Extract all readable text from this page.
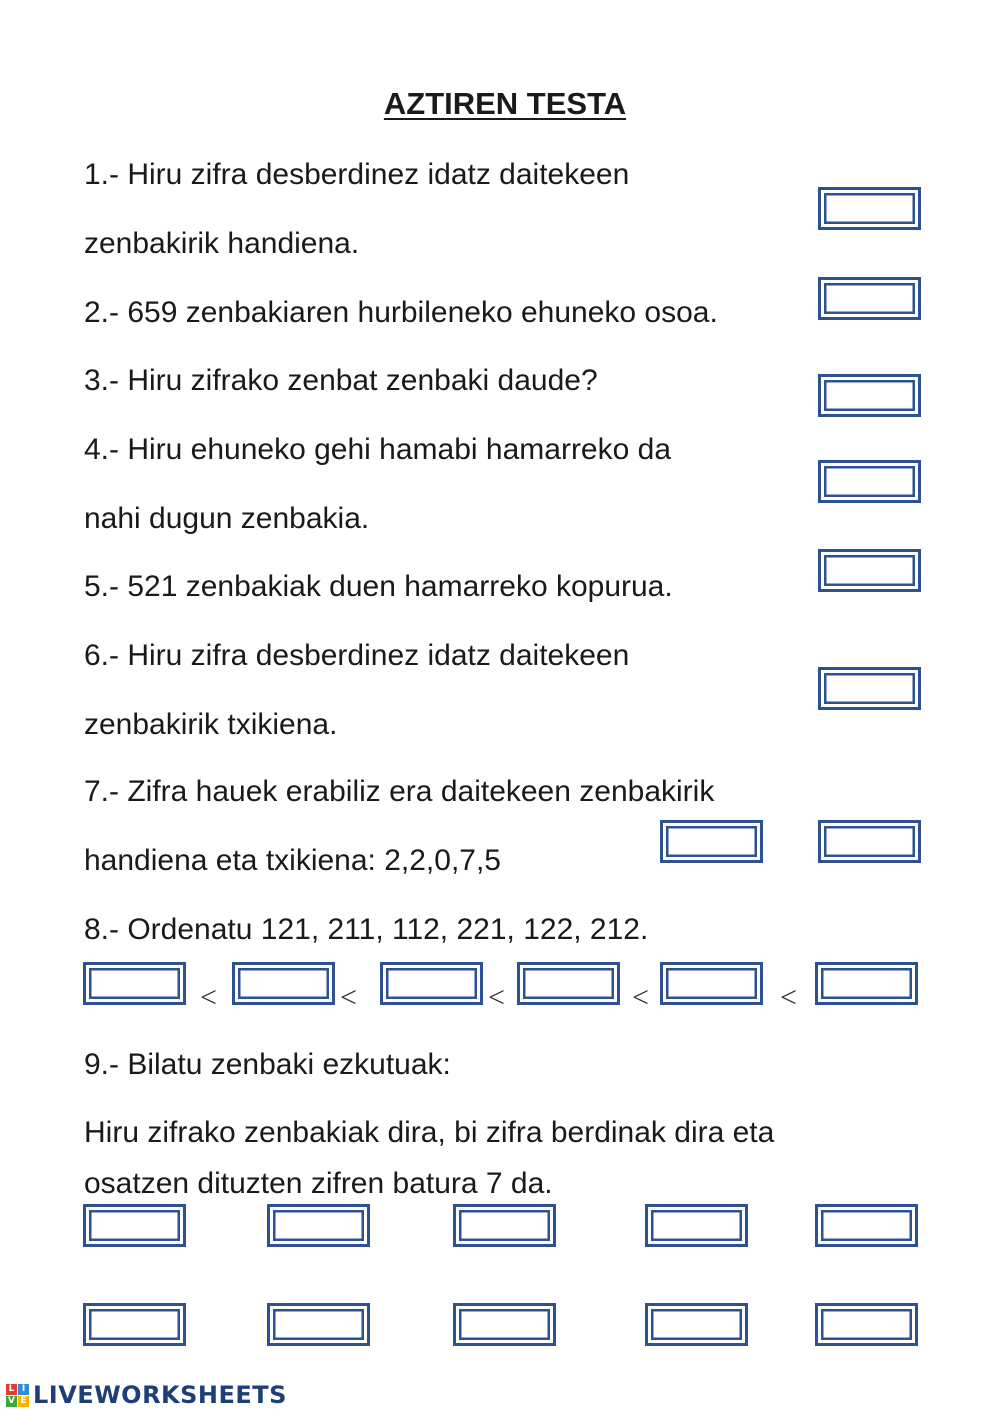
AZTIREN TESTA
1.- Hiru zifra desberdinez idatz daitekeen
zenbakirik handiena.
2.- 659 zenbakiaren hurbileneko ehuneko osoa.
3.- Hiru zifrako zenbat zenbaki daude?
4.- Hiru ehuneko gehi hamabi hamarreko da
nahi dugun zenbakia.
5.- 521 zenbakiak duen hamarreko kopurua.
6.- Hiru zifra desberdinez idatz daitekeen
zenbakirik txikiena.
7.- Zifra hauek erabiliz era daitekeen zenbakirik
handiena eta txikiena: 2,2,0,7,5
8.- Ordenatu 121, 211, 112, 221, 122, 212.
<	<	<	<	<
9.- Bilatu zenbaki ezkutuak:
Hiru zifrako zenbakiak dira, bi zifra berdinak dira eta
osatzen dituzten zifren batura 7 da.
L I
V E LIVEWORKSHEETS
